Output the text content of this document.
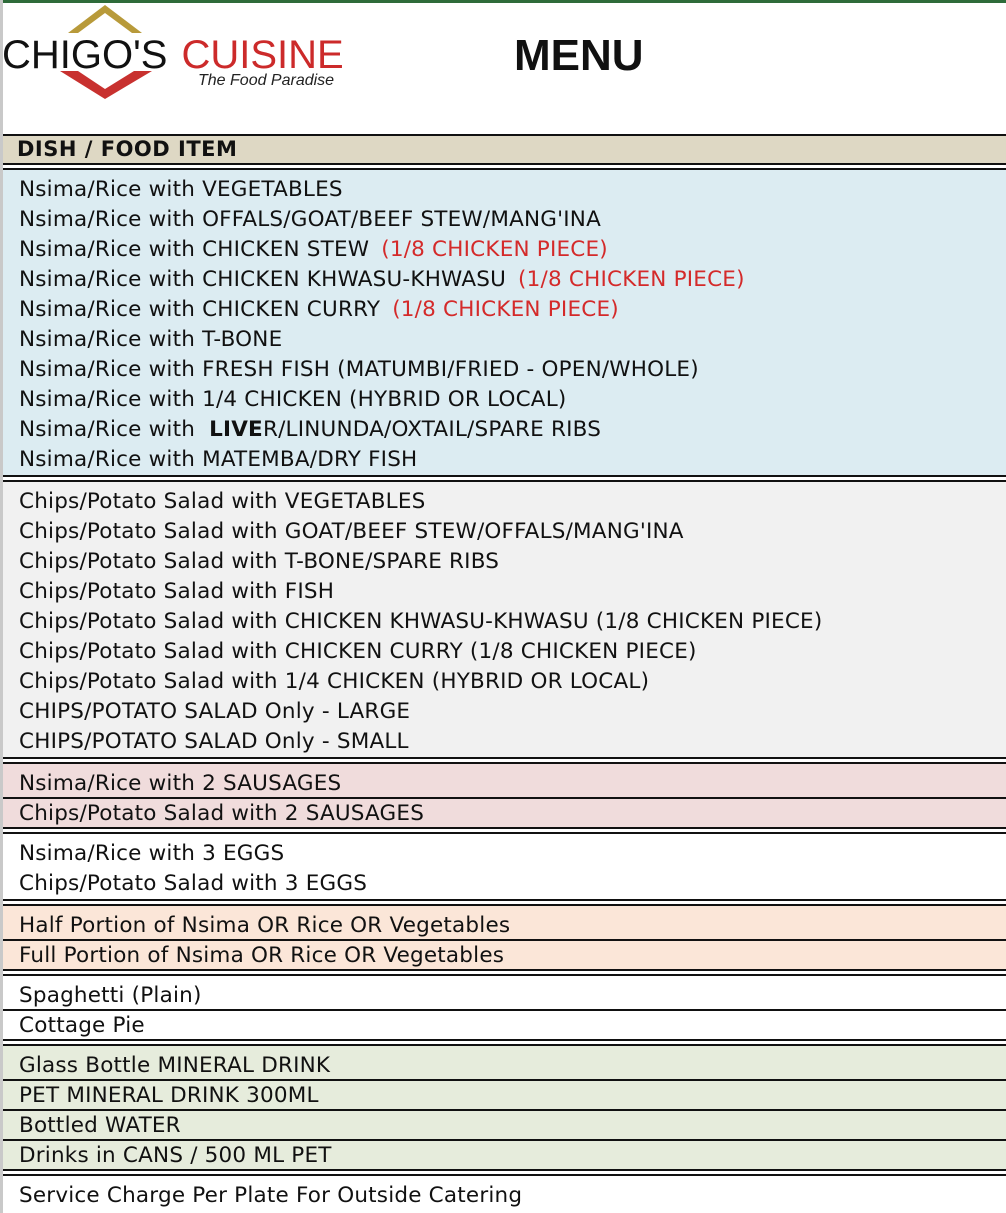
CHIGO'S CUISINE
The Food Paradise
MENU
DISH / FOOD ITEM
Nsima/Rice with VEGETABLES
Nsima/Rice with OFFALS/GOAT/BEEF STEW/MANG'INA
Nsima/Rice with CHICKEN STEW (1/8 CHICKEN PIECE)
Nsima/Rice with CHICKEN KHWASU-KHWASU (1/8 CHICKEN PIECE)
Nsima/Rice with CHICKEN CURRY (1/8 CHICKEN PIECE)
Nsima/Rice with T-BONE
Nsima/Rice with FRESH FISH (MATUMBI/FRIED - OPEN/WHOLE)
Nsima/Rice with 1/4 CHICKEN (HYBRID OR LOCAL)
Nsima/Rice with  LIVER/LINUNDA/OXTAIL/SPARE RIBS
Nsima/Rice with MATEMBA/DRY FISH
Chips/Potato Salad with VEGETABLES
Chips/Potato Salad with GOAT/BEEF STEW/OFFALS/MANG'INA
Chips/Potato Salad with T-BONE/SPARE RIBS
Chips/Potato Salad with FISH
Chips/Potato Salad with CHICKEN KHWASU-KHWASU (1/8 CHICKEN PIECE)
Chips/Potato Salad with CHICKEN CURRY (1/8 CHICKEN PIECE)
Chips/Potato Salad with 1/4 CHICKEN (HYBRID OR LOCAL)
CHIPS/POTATO SALAD Only - LARGE
CHIPS/POTATO SALAD Only - SMALL
Nsima/Rice with 2 SAUSAGES
Chips/Potato Salad with 2 SAUSAGES
Nsima/Rice with 3 EGGS
Chips/Potato Salad with 3 EGGS
Half Portion of Nsima OR Rice OR Vegetables
Full Portion of Nsima OR Rice OR Vegetables
Spaghetti (Plain)
Cottage Pie
Glass Bottle MINERAL DRINK
PET MINERAL DRINK 300ML
Bottled WATER
Drinks in CANS / 500 ML PET
Service Charge Per Plate For Outside Catering
